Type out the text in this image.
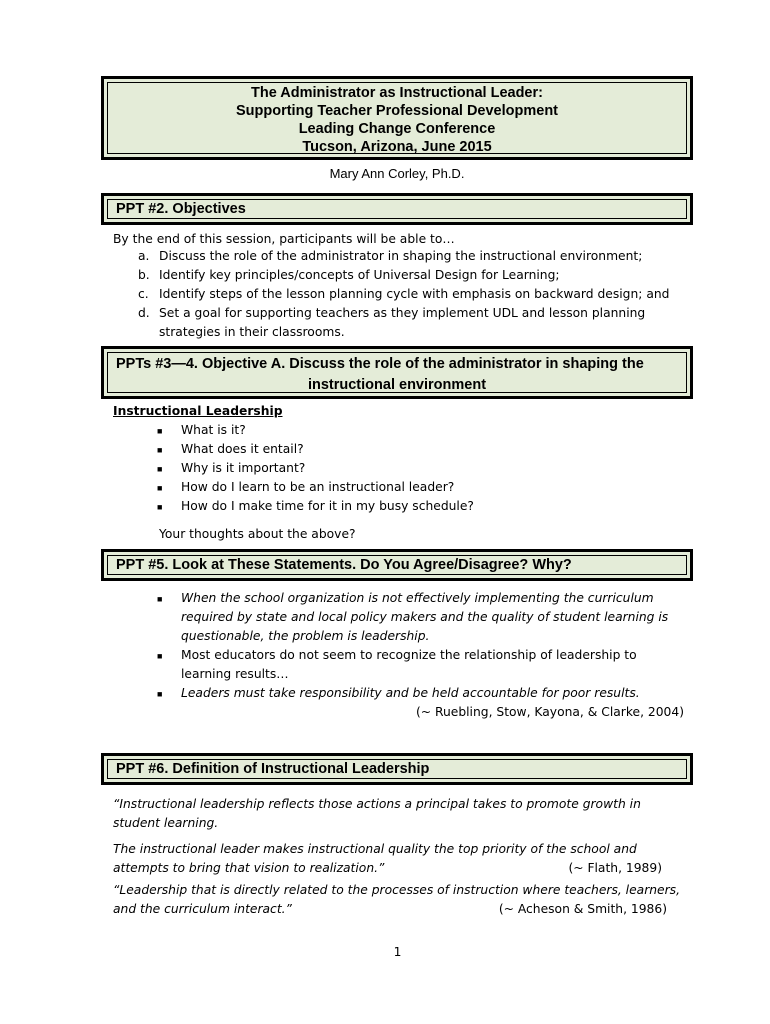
The Administrator as Instructional Leader:
Supporting Teacher Professional Development
Leading Change Conference
Tucson, Arizona, June 2015
Mary Ann Corley, Ph.D.
PPT #2. Objectives
By the end of this session, participants will be able to…
a. Discuss the role of the administrator in shaping the instructional environment;
b. Identify key principles/concepts of Universal Design for Learning;
c. Identify steps of the lesson planning cycle with emphasis on backward design; and
d. Set a goal for supporting teachers as they implement UDL and lesson planning
strategies in their classrooms.
PPTs #3—4. Objective A. Discuss the role of the administrator in shaping the
instructional environment
Instructional Leadership
■ What is it?
■ What does it entail?
■ Why is it important?
■ How do I learn to be an instructional leader?
■ How do I make time for it in my busy schedule?
Your thoughts about the above?
PPT #5. Look at These Statements. Do You Agree/Disagree? Why?
■ When the school organization is not effectively implementing the curriculum
required by state and local policy makers and the quality of student learning is
questionable, the problem is leadership.
■ Most educators do not seem to recognize the relationship of leadership to
learning results…
■ Leaders must take responsibility and be held accountable for poor results.
(~ Ruebling, Stow, Kayona, & Clarke, 2004)
PPT #6. Definition of Instructional Leadership
“Instructional leadership reflects those actions a principal takes to promote growth in
student learning.
The instructional leader makes instructional quality the top priority of the school and
attempts to bring that vision to realization.”	(~ Flath, 1989)
“Leadership that is directly related to the processes of instruction where teachers, learners,
and the curriculum interact.”	(~ Acheson & Smith, 1986)
1
